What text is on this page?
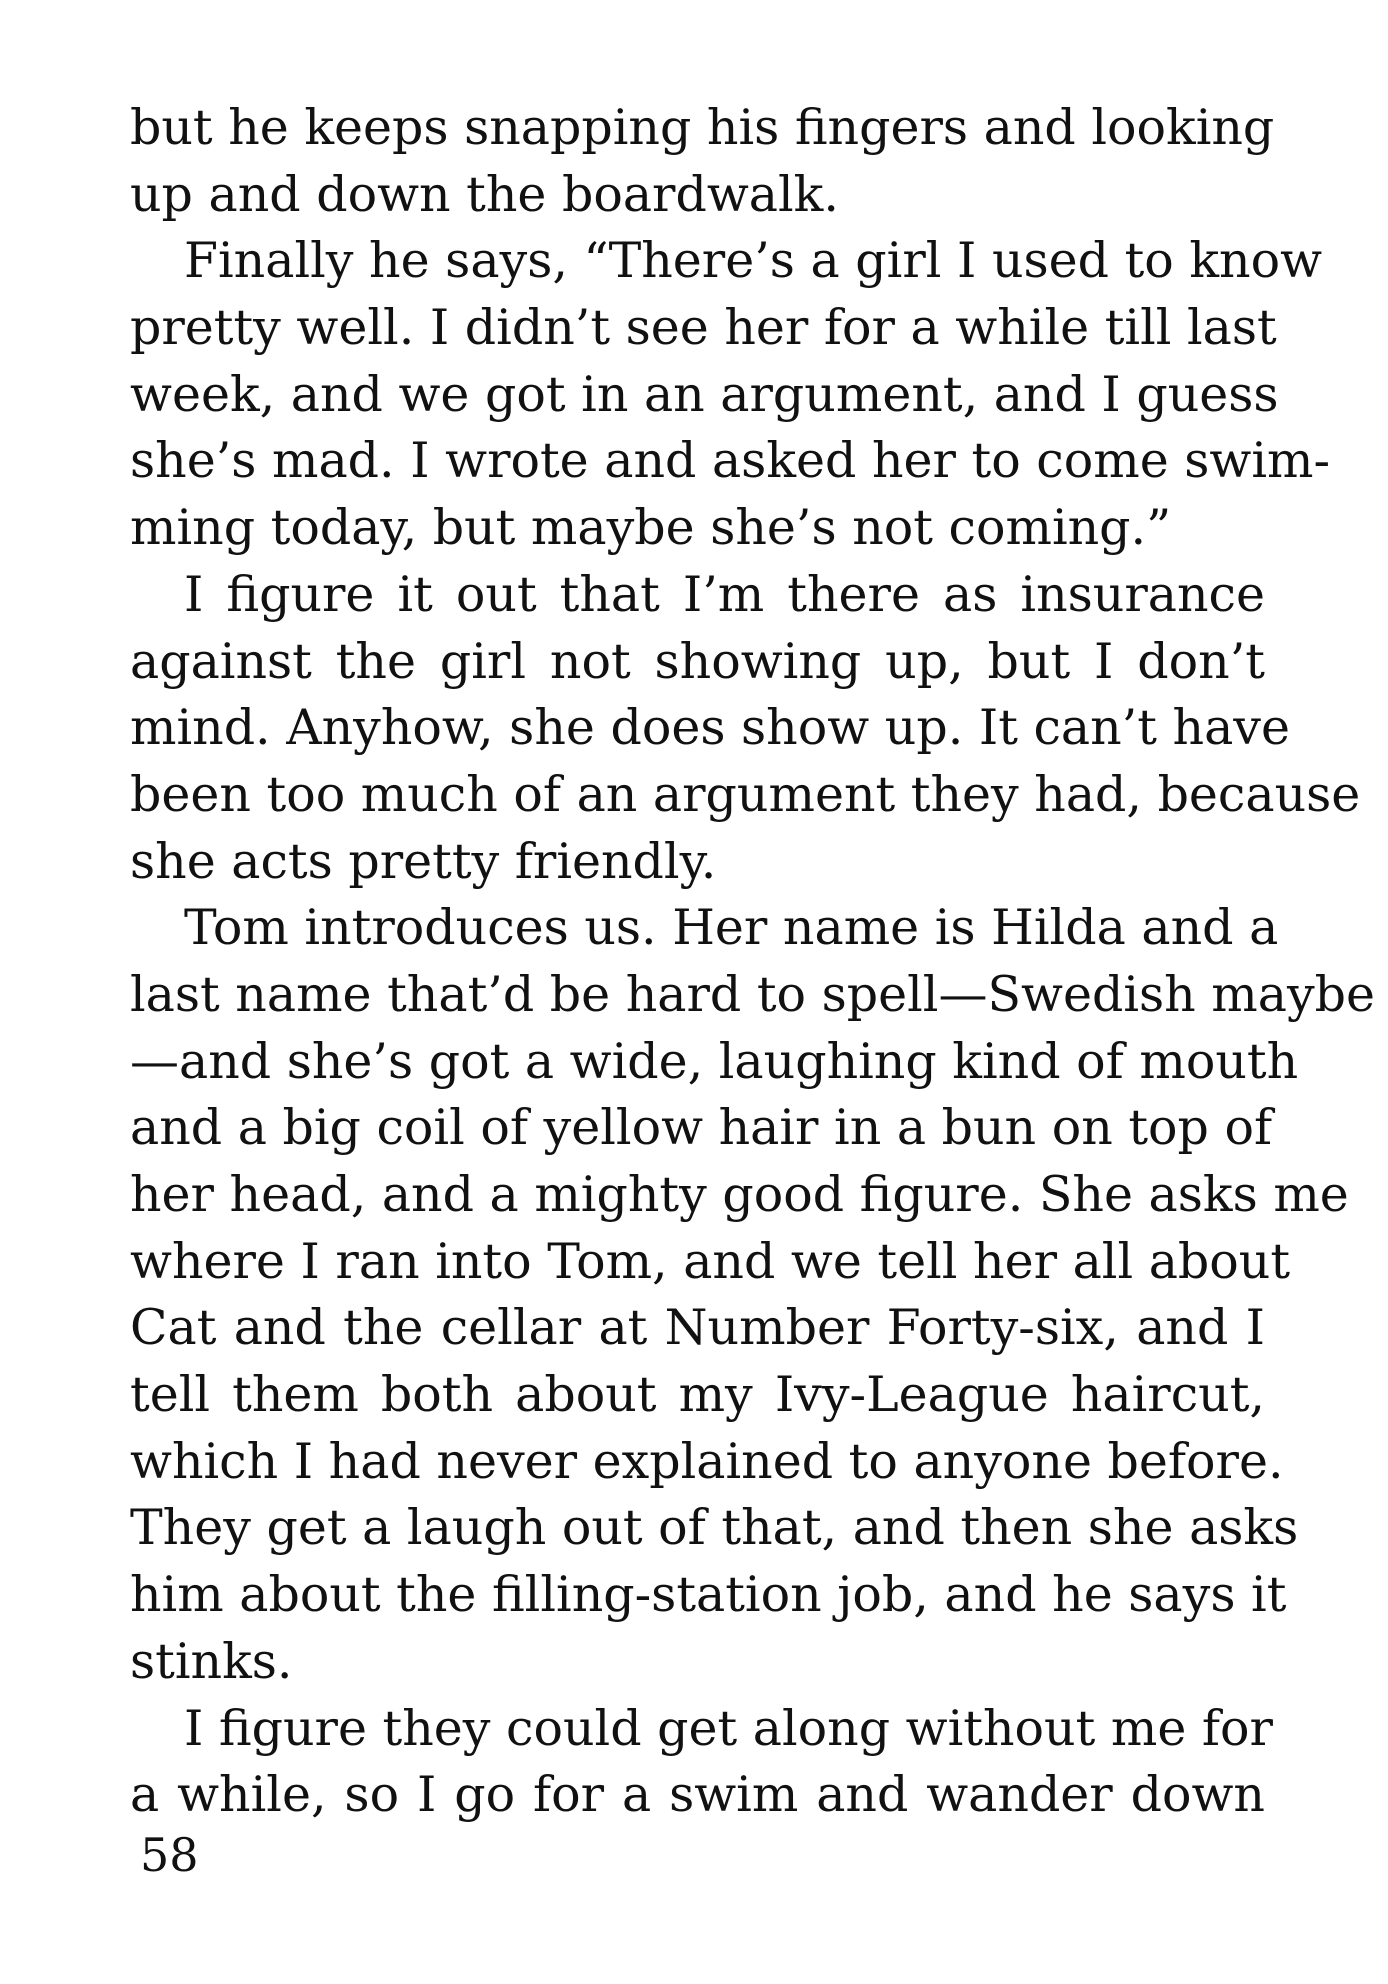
but he keeps snapping his fingers and looking
up and down the boardwalk.
Finally he says, “There’s a girl I used to know
pretty well. I didn’t see her for a while till last
week, and we got in an argument, and I guess
she’s mad. I wrote and asked her to come swim-
ming today, but maybe she’s not coming.”
I figure it out that I’m there as insurance
against the girl not showing up, but I don’t
mind. Anyhow, she does show up. It can’t have
been too much of an argument they had, because
she acts pretty friendly.
Tom introduces us. Her name is Hilda and a
last name that’d be hard to spell—Swedish maybe
—and she’s got a wide, laughing kind of mouth
and a big coil of yellow hair in a bun on top of
her head, and a mighty good figure. She asks me
where I ran into Tom, and we tell her all about
Cat and the cellar at Number Forty-six, and I
tell them both about my Ivy-League haircut,
which I had never explained to anyone before.
They get a laugh out of that, and then she asks
him about the filling-station job, and he says it
stinks.
I figure they could get along without me for
a while, so I go for a swim and wander down
58
